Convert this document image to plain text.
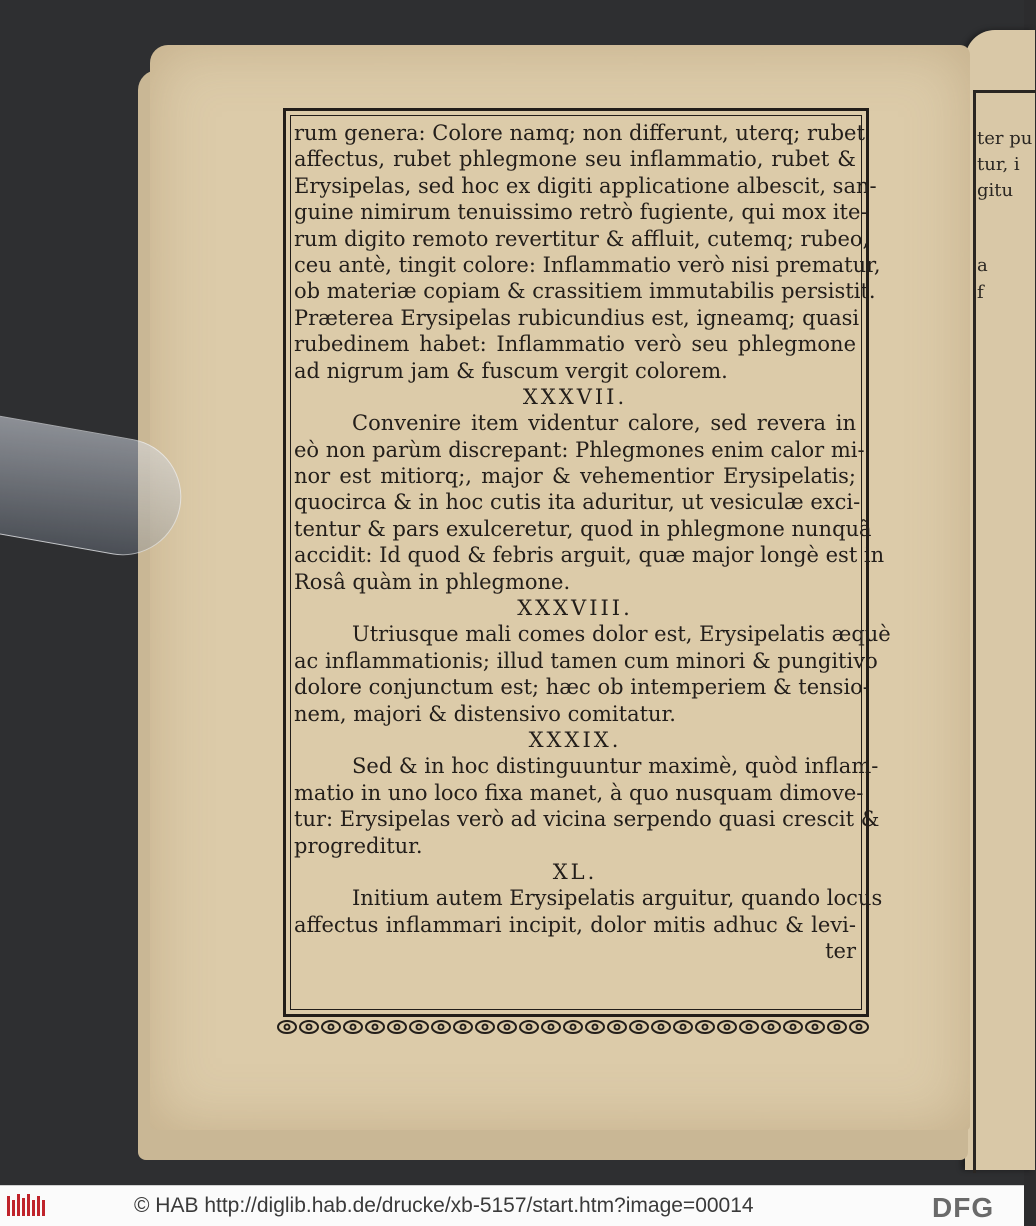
ter pu
tur, i
gitu
a
f
rum genera: Colore namq; non differunt, uterq; rubet
affectus, rubet phlegmone seu inflammatio, rubet &
Erysipelas, sed hoc ex digiti applicatione albescit, san-
guine nimirum tenuissimo retrò fugiente, qui mox ite-
rum digito remoto revertitur & affluit, cutemq; rubeo,
ceu antè, tingit colore: Inflammatio verò nisi prematur,
ob materiæ copiam & crassitiem immutabilis persistit.
Præterea Erysipelas rubicundius est, igneamq; quasi
rubedinem habet: Inflammatio verò seu phlegmone
ad nigrum jam & fuscum vergit colorem.
XXXVII.
Convenire item videntur calore, sed revera in
eò non parùm discrepant: Phlegmones enim calor mi-
nor est mitiorq;, major & vehementior Erysipelatis;
quocirca & in hoc cutis ita aduritur, ut vesiculæ exci-
tentur & pars exulceretur, quod in phlegmone nunquã
accidit: Id quod & febris arguit, quæ major longè est in
Rosâ quàm in phlegmone.
XXXVIII.
Utriusque mali comes dolor est, Erysipelatis æquè
ac inflammationis; illud tamen cum minori & pungitivo
dolore conjunctum est; hæc ob intemperiem & tensio-
nem, majori & distensivo comitatur.
XXXIX.
Sed & in hoc distinguuntur maximè, quòd inflam-
matio in uno loco fixa manet, à quo nusquam dimove-
tur: Erysipelas verò ad vicina serpendo quasi crescit &
progreditur.
XL.
Initium autem Erysipelatis arguitur, quando locus
affectus inflammari incipit, dolor mitis adhuc & levi-
ter
© HAB http://diglib.hab.de/drucke/xb-5157/start.htm?image=00014	DFG
